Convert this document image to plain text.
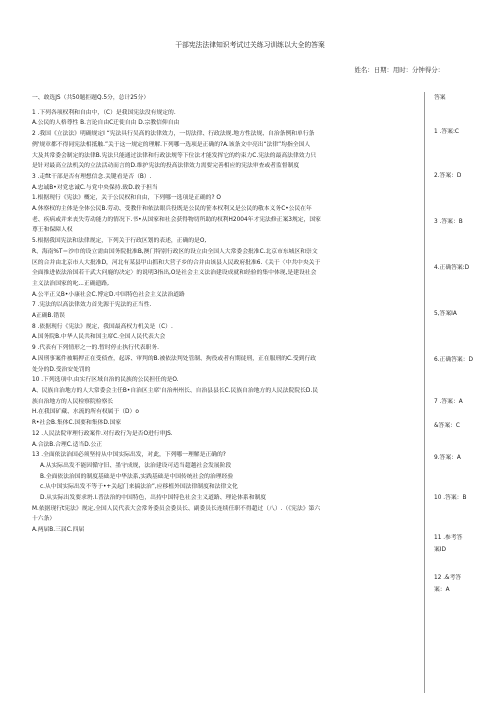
干部宪法法律知识考试过关练习训练以大全的答案
姓名：日期：用时：分钟得分：
一、敢选JS（共50题拒题Q.5分，总计25分）
1 .下列各项权利和自由中，（C）是我国宪法没有规定的.
A.公民的人格尊性 B.言论自由C迁徙自由 D.宗教信仰自由
2 .我国《立法法》明确规定I “宪法具行吴高的法律效力，一切法律、行政法规.地方性法规、自治条例和单行条
例'规章都不得同宪法相抵触.”关于这一规定的理解.下列哪一选项是正确的?A.该条文中亮出“法律”均指全国人
大及其常委会制定的法律B.宪法只能通过法律和行政法规等下位法才能发挥它的约束力C.宪法的最高法律效力只
是针对最高立法机关的立法活动而言的D.维护宪法的投高法律效力需要完善相应的宪法审查或者监督制度
3 .走fit干部是否有理想信念.关键看是否（B）.
A.忠诚B•对党忠诚C.与党中央保持.致D.敢于担当
1.根据现行《宪法》概定，关于公民权和自由，下列哪一选项是正确的? O
A.休察权的主体是全体公民B.劳动、受教什和依法眼兵役既是公民的笹本权利又是公民的敬本义务C•公民在年
老、疾病或并来丧失劳动能力的情况下.书•从国家和社会获得物切所助的权利H2004年才宪法修正案3规定，国家
尊王和保障人权
5.根据我国宪法和法律规定，下列关于行政区划的表述，正确的是O,
R、海南%T＝沙巾的设立需由国务院批准B,澳门特别行政区的设立由全国人大常委会批准C.北京市东城区和崇文
区的合并由北京市人大批准D，河北有某县甲山抓和大营子乡的合并由该县人民政府批准6.《关于〈中共中央关于
全面推进依法治国若干武大问鹿的决定〉的说明3指出,O是社会主义法治建设成就和经验的集中体现,是建设社会
主义法治国家的叱...正确遗路,
A.公平正义B•小康社会C.博定D.中国特色社会主义法治道路
7 .宪法的以高法律效力首先源于宪法的正当性.
A正确B.错误
8 .依据现行《宪法》规定，我国最高权力机关是（C）.
A.国务院B.中华人民共和国主席C.全国人民代表大会
9 .代表有下列情形之一的.暂时停止执行代表职务.
A.因刑事案件被羁押正在受侦查，起诉、审判的B.被依法判处管制、拘役或者有期徒刑，正在服刑的C.受到行政
处分的D.受治安处罚的
10 .下列选项中.由实行区域自治的民族的公民担任的是O.
A、民族自治地方的人大常委会主任B•自治区主席'自治州州长、自治县县长C.民族自治地方的人民法院院长D.民
族自治地方的人民检察院检察长
H.在我国矿藏、水流的所有权属于（D）o
R•社会B.集体C.国要和集体D.国家
12 .人民法院审理行政案件.对行政行为是否O进行审JS.
A.合法B.合理C.适当D.公正
13 .全面依法治国必须坚持从中国实际出发，对此，下列哪一理解是正确的?
A.从实际出发不能因循守旧、墨守成规，法治建设可适当超越社会发展阶段
B.全面依法治国的制度基础是中华法系,实践基础是中国传统社会的治理经验
c.从中国实际出发不等于•+关起门来搞法治”,应移植外国法律制度和法律文化
D.从实际出发要求坍.l.普法治的中国特色，岀持中国特色社会主义道路、理论体系和制度
M.依据现行t宪法》规定,全国人民代表大会常务委员会委员长、副委员长连续任职不得超过（八）.（《宪法》第六
十六条）
A.两届B.三届C.四届
答案
1 .答案:C
2.答案：D
3 .答案：B
4.正确答案:D
5,答案IA
6.正确答案：D
7 .答案：A
&答案：C
9.答案：A
10 .答案：B
11 .参考答
案ID
12 .&考答
案：A
